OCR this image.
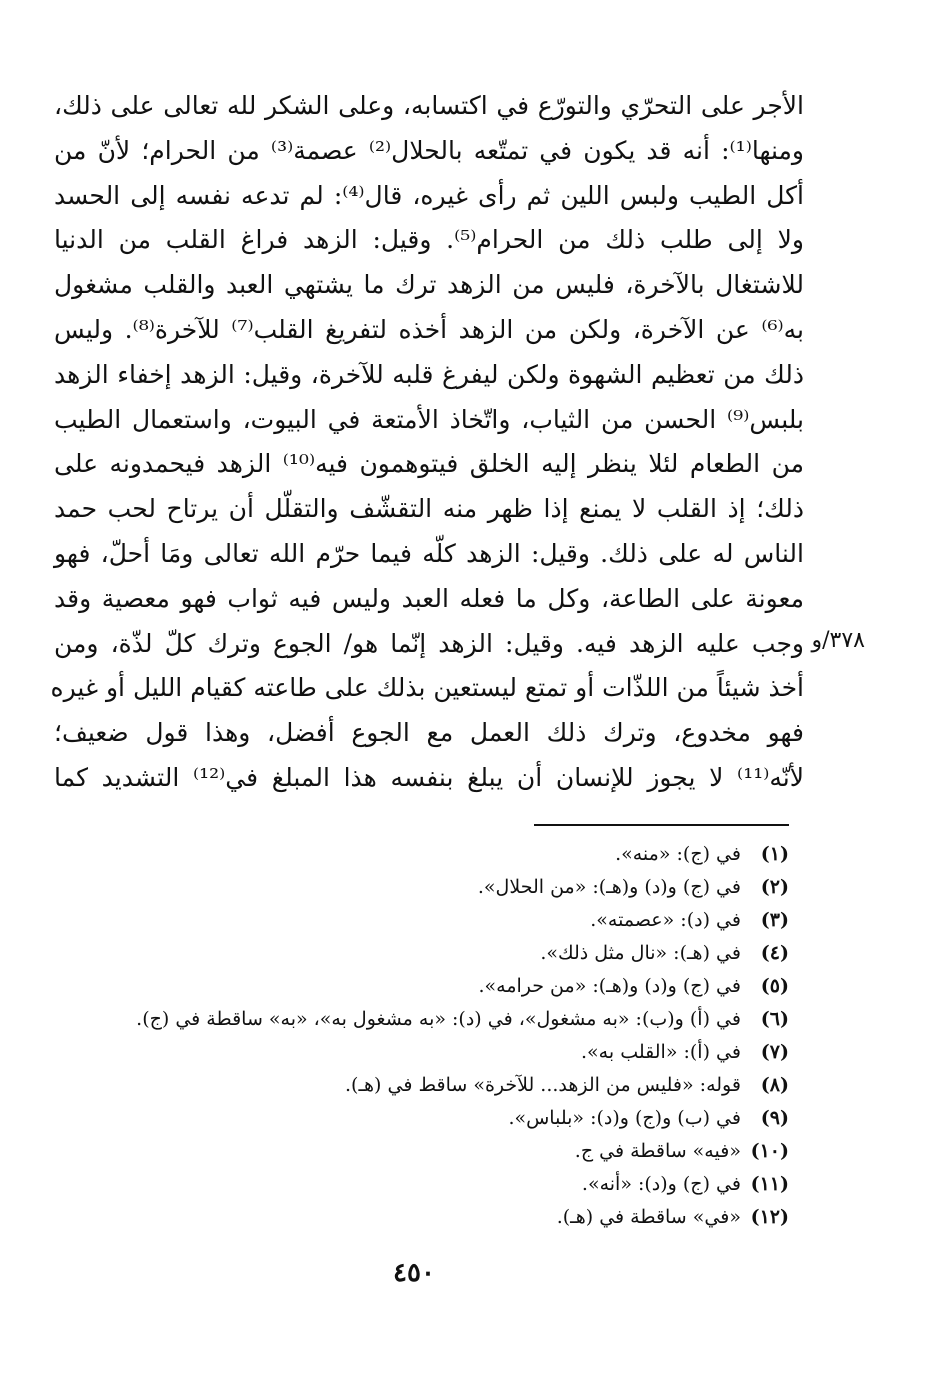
الأجر على التحرّي والتورّع في اكتسابه، وعلى الشكر لله تعالى على ذلك،
ومنها⁽¹⁾: أنه قد يكون في تمتّعه بالحلال⁽²⁾ عصمة⁽³⁾ من الحرام؛ لأنّ من
أكل الطيب ولبس اللين ثم رأى غيره، قال⁽⁴⁾: لم تدعه نفسه إلى الحسد
ولا إلى طلب ذلك من الحرام⁽⁵⁾. وقيل: الزهد فراغ القلب من الدنيا
للاشتغال بالآخرة، فليس من الزهد ترك ما يشتهي العبد والقلب مشغول
به⁽⁶⁾ عن الآخرة، ولكن من الزهد أخذه لتفريغ القلب⁽⁷⁾ للآخرة⁽⁸⁾. وليس
ذلك من تعظيم الشهوة ولكن ليفرغ قلبه للآخرة، وقيل: الزهد إخفاء الزهد
بلبس⁽⁹⁾ الحسن من الثياب، واتّخاذ الأمتعة في البيوت، واستعمال الطيب
من الطعام لئلا ينظر إليه الخلق فيتوهمون فيه⁽¹⁰⁾ الزهد فيحمدونه على
ذلك؛ إذ القلب لا يمنع إذا ظهر منه التقشّف والتقلّل أن يرتاح لحب حمد
الناس له على ذلك. وقيل: الزهد كلّه فيما حرّم الله تعالى ومَا أحلّ، فهو
معونة على الطاعة، وكل ما فعله العبد وليس فيه ثواب فهو معصية وقد
وجب عليه الزهد فيه. وقيل: الزهد إنّما هو/ الجوع وترك كلّ لذّة، ومن
أخذ شيئاً من اللذّات أو تمتع ليستعين بذلك على طاعته كقيام الليل أو غيره
فهو مخدوع، وترك ذلك العمل مع الجوع أفضل، وهذا قول ضعيف؛
لأنّه⁽¹¹⁾ لا يجوز للإنسان أن يبلغ بنفسه هذا المبلغ في⁽¹²⁾ التشديد كما
٣٧٨/و
(١) في (ج): «منه».
(٢) في (ج) و(د) و(هـ): «من الحلال».
(٣) في (د): «عصمته».
(٤) في (هـ): «نال مثل ذلك».
(٥) في (ج) و(د) و(هـ): «من حرامه».
(٦) في (أ) و(ب): «به مشغول»، في (د): «به مشغول به»، «به» ساقطة في (ج).
(٧) في (أ): «القلب به».
(٨) قوله: «فليس من الزهد... للآخرة» ساقط في (هـ).
(٩) في (ب) و(ج) و(د): «بلباس».
(١٠) «فيه» ساقطة في ج.
(١١) في (ج) و(د): «أنه».
(١٢) «في» ساقطة في (هـ).
٤٥٠
